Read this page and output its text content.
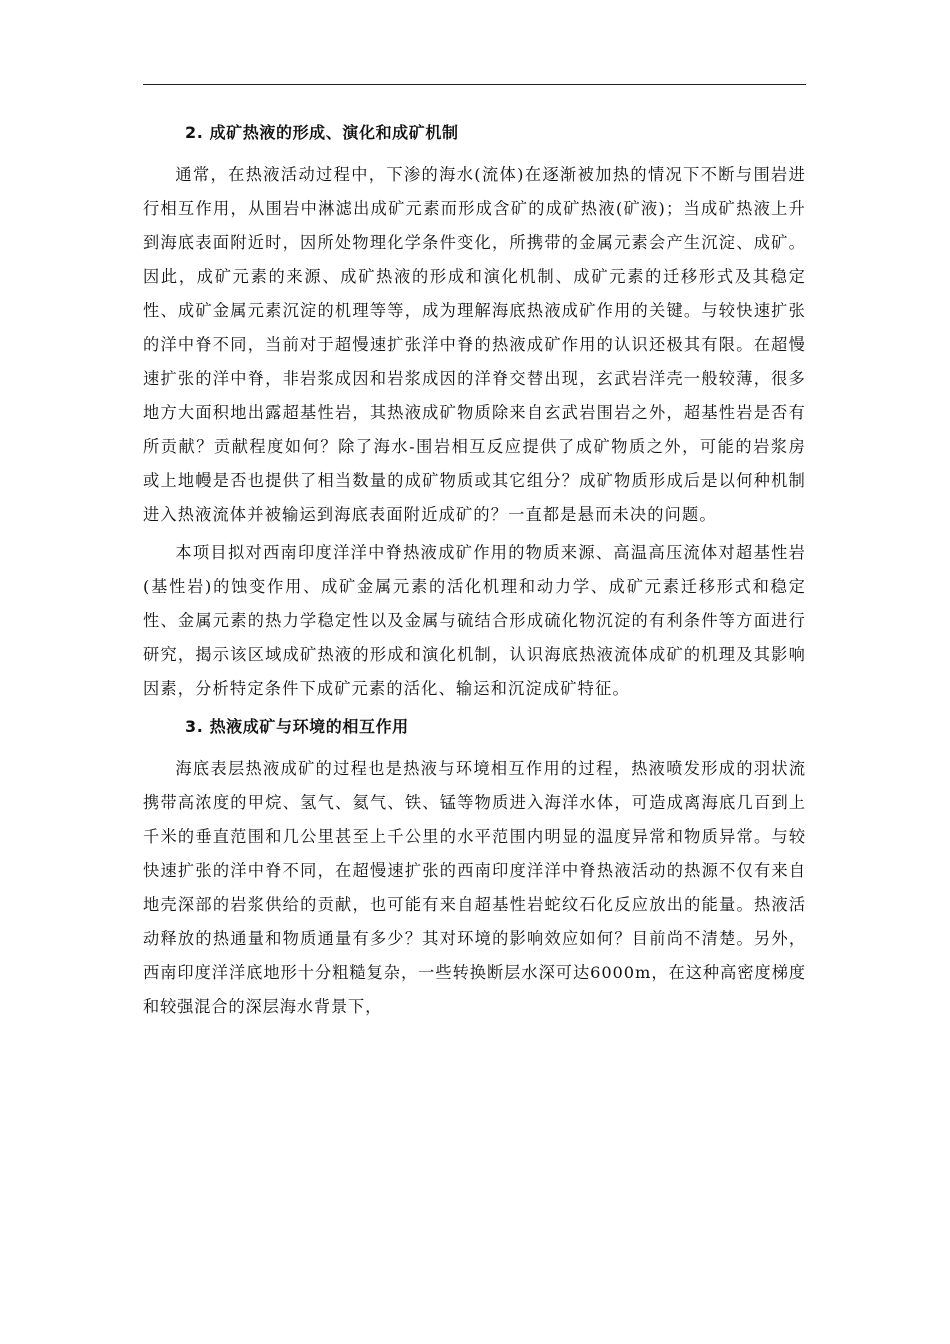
2. 成矿热液的形成、演化和成矿机制

通常，在热液活动过程中，下渗的海水(流体)在逐渐被加热的情况下不断与围岩进行相互作用，从围岩中淋滤出成矿元素而形成含矿的成矿热液(矿液)；当成矿热液上升到海底表面附近时，因所处物理化学条件变化，所携带的金属元素会产生沉淀、成矿。因此，成矿元素的来源、成矿热液的形成和演化机制、成矿元素的迁移形式及其稳定性、成矿金属元素沉淀的机理等等，成为理解海底热液成矿作用的关键。与较快速扩张的洋中脊不同，当前对于超慢速扩张洋中脊的热液成矿作用的认识还极其有限。在超慢速扩张的洋中脊，非岩浆成因和岩浆成因的洋脊交替出现，玄武岩洋壳一般较薄，很多地方大面积地出露超基性岩，其热液成矿物质除来自玄武岩围岩之外，超基性岩是否有所贡献？贡献程度如何？除了海水-围岩相互反应提供了成矿物质之外，可能的岩浆房或上地幔是否也提供了相当数量的成矿物质或其它组分？成矿物质形成后是以何种机制进入热液流体并被输运到海底表面附近成矿的？一直都是悬而未决的问题。

本项目拟对西南印度洋洋中脊热液成矿作用的物质来源、高温高压流体对超基性岩(基性岩)的蚀变作用、成矿金属元素的活化机理和动力学、成矿元素迁移形式和稳定性、金属元素的热力学稳定性以及金属与硫结合形成硫化物沉淀的有利条件等方面进行研究，揭示该区域成矿热液的形成和演化机制，认识海底热液流体成矿的机理及其影响因素，分析特定条件下成矿元素的活化、输运和沉淀成矿特征。

3. 热液成矿与环境的相互作用

海底表层热液成矿的过程也是热液与环境相互作用的过程，热液喷发形成的羽状流携带高浓度的甲烷、氢气、氦气、铁、锰等物质进入海洋水体，可造成离海底几百到上千米的垂直范围和几公里甚至上千公里的水平范围内明显的温度异常和物质异常。与较快速扩张的洋中脊不同，在超慢速扩张的西南印度洋洋中脊热液活动的热源不仅有来自地壳深部的岩浆供给的贡献，也可能有来自超基性岩蛇纹石化反应放出的能量。热液活动释放的热通量和物质通量有多少？其对环境的影响效应如何？目前尚不清楚。另外，西南印度洋洋底地形十分粗糙复杂，一些转换断层水深可达6000m，在这种高密度梯度和较强混合的深层海水背景下，
